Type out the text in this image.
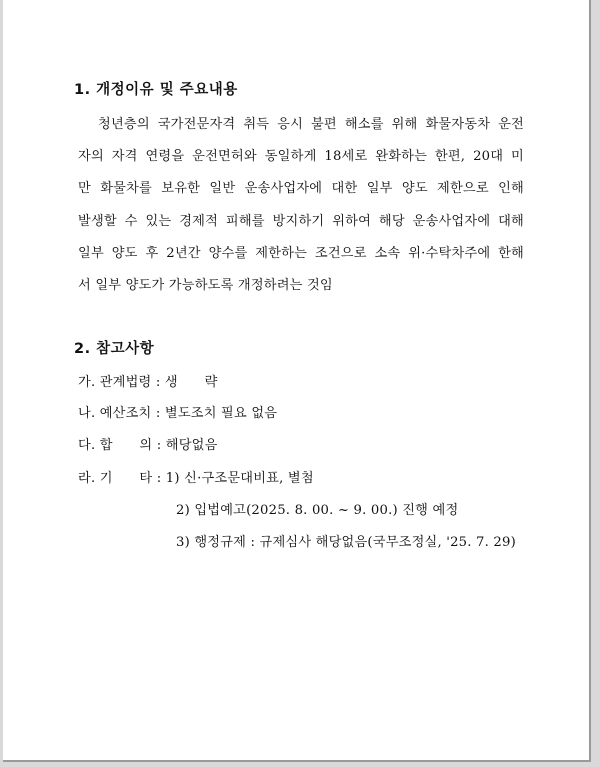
1. 개정이유 및 주요내용
청년층의 국가전문자격 취득 응시 불편 해소를 위해 화물자동차 운전
자의 자격 연령을 운전면허와 동일하게 18세로 완화하는 한편, 20대 미
만 화물차를 보유한 일반 운송사업자에 대한 일부 양도 제한으로 인해
발생할 수 있는 경제적 피해를 방지하기 위하여 해당 운송사업자에 대해
일부 양도 후 2년간 양수를 제한하는 조건으로 소속 위·수탁차주에 한해
서 일부 양도가 가능하도록 개정하려는 것임
2. 참고사항
가. 관계법령 : 생　　략
나. 예산조치 : 별도조치 필요 없음
다. 합　　의 : 해당없음
라. 기　　타 : 1) 신·구조문대비표, 별첨
2) 입법예고(2025. 8. 00. ~ 9. 00.) 진행 예정
3) 행정규제 : 규제심사 해당없음(국무조정실, '25. 7. 29)
